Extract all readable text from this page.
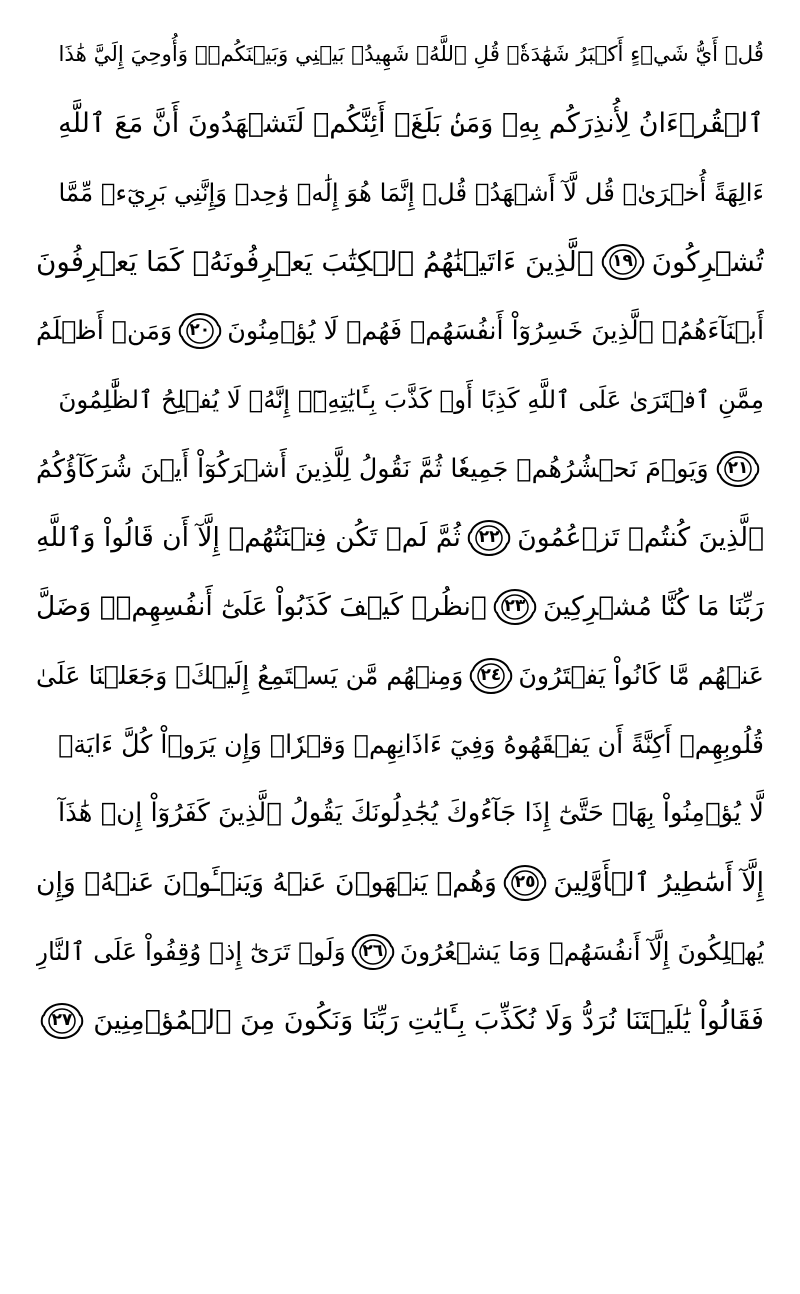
قُلۡ أَيُّ شَيۡءٍ أَكۡبَرُ شَهَٰدَةٗۖ قُلِ ٱللَّهُۖ شَهِيدُۢ بَيۡنِي وَبَيۡنَكُمۡۚ وَأُوحِيَ إِلَيَّ هَٰذَا
ٱلۡقُرۡءَانُ لِأُنذِرَكُم بِهِۦ وَمَنۢ بَلَغَۚ أَئِنَّكُمۡ لَتَشۡهَدُونَ أَنَّ مَعَ ٱللَّهِ
ءَالِهَةً أُخۡرَىٰۚ قُل لَّآ أَشۡهَدُۚ قُلۡ إِنَّمَا هُوَ إِلَٰهٞ وَٰحِدٞ وَإِنَّنِي بَرِيٓءٞ مِّمَّا
تُشۡرِكُونَ
١٩
ٱلَّذِينَ ءَاتَيۡنَٰهُمُ ٱلۡكِتَٰبَ يَعۡرِفُونَهُۥ كَمَا يَعۡرِفُونَ
أَبۡنَآءَهُمُۘ ٱلَّذِينَ خَسِرُوٓاْ أَنفُسَهُمۡ فَهُمۡ لَا يُؤۡمِنُونَ
٢٠
وَمَنۡ أَظۡلَمُ
مِمَّنِ ٱفۡتَرَىٰ عَلَى ٱللَّهِ كَذِبًا أَوۡ كَذَّبَ بِـَٔايَٰتِهِۦٓۚ إِنَّهُۥ لَا يُفۡلِحُ ٱلظَّٰلِمُونَ
٢١
وَيَوۡمَ نَحۡشُرُهُمۡ جَمِيعٗا ثُمَّ نَقُولُ لِلَّذِينَ أَشۡرَكُوٓاْ أَيۡنَ شُرَكَآؤُكُمُ
ٱلَّذِينَ كُنتُمۡ تَزۡعُمُونَ
٢٢
ثُمَّ لَمۡ تَكُن فِتۡنَتُهُمۡ إِلَّآ أَن قَالُواْ وَٱللَّهِ
رَبِّنَا مَا كُنَّا مُشۡرِكِينَ
٢٣
ٱنظُرۡ كَيۡفَ كَذَبُواْ عَلَىٰٓ أَنفُسِهِمۡۚ وَضَلَّ
عَنۡهُم مَّا كَانُواْ يَفۡتَرُونَ
٢٤
وَمِنۡهُم مَّن يَسۡتَمِعُ إِلَيۡكَۖ وَجَعَلۡنَا عَلَىٰ
قُلُوبِهِمۡ أَكِنَّةً أَن يَفۡقَهُوهُ وَفِيٓ ءَاذَانِهِمۡ وَقۡرٗاۚ وَإِن يَرَوۡاْ كُلَّ ءَايَةٖ
لَّا يُؤۡمِنُواْ بِهَاۖ حَتَّىٰٓ إِذَا جَآءُوكَ يُجَٰدِلُونَكَ يَقُولُ ٱلَّذِينَ كَفَرُوٓاْ إِنۡ هَٰذَآ
إِلَّآ أَسَٰطِيرُ ٱلۡأَوَّلِينَ
٢٥
وَهُمۡ يَنۡهَوۡنَ عَنۡهُ وَيَنۡـَٔوۡنَ عَنۡهُۖ وَإِن
يُهۡلِكُونَ إِلَّآ أَنفُسَهُمۡ وَمَا يَشۡعُرُونَ
٢٦
وَلَوۡ تَرَىٰٓ إِذۡ وُقِفُواْ عَلَى ٱلنَّارِ
فَقَالُواْ يَٰلَيۡتَنَا نُرَدُّ وَلَا نُكَذِّبَ بِـَٔايَٰتِ رَبِّنَا وَنَكُونَ مِنَ ٱلۡمُؤۡمِنِينَ
٢٧
